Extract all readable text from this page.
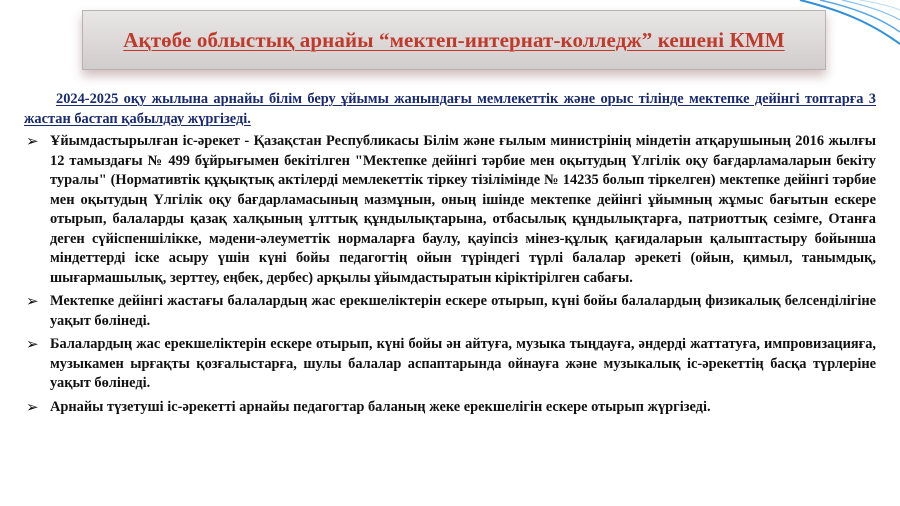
Ақтөбе облыстық арнайы “мектеп-интернат-колледж” кешені КММ

2024-2025 оқу жылына арнайы білім беру ұйымы жанындағы мемлекеттік және орыс тілінде мектепке дейінгі топтарға 3 жастан бастап қабылдау жүргізеді.

➢ Ұйымдастырылған іс-әрекет - Қазақстан Республикасы Білім және ғылым министрінің міндетін атқарушының 2016 жылғы 12 тамыздағы № 499 бұйрығымен бекітілген "Мектепке дейінгі тәрбие мен оқытудың Үлгілік оқу бағдарламаларын бекіту туралы" (Нормативтік құқықтық актілерді мемлекеттік тіркеу тізілімінде № 14235 болып тіркелген) мектепке дейінгі тәрбие мен оқытудың Үлгілік оқу бағдарламасының мазмұнын, оның ішінде мектепке дейінгі ұйымның жұмыс бағытын ескере отырып, балаларды қазақ халқының ұлттық құндылықтарына, отбасылық құндылықтарға, патриоттық сезімге, Отанға деген сүйіспеншілікке, мәдени-әлеуметтік нормаларға баулу, қауіпсіз мінез-құлық қағидаларын қалыптастыру бойынша міндеттерді іске асыру үшін күні бойы педагогтің ойын түріндегі түрлі балалар әрекеті (ойын, қимыл, танымдық, шығармашылық, зерттеу, еңбек, дербес) арқылы ұйымдастыратын кіріктірілген сабағы.
➢ Мектепке дейінгі жастағы балалардың жас ерекшеліктерін ескере отырып, күні бойы балалардың физикалық белсенділігіне уақыт бөлінеді.
➢ Балалардың жас ерекшеліктерін ескере отырып, күні бойы ән айтуға, музыка тыңдауға, әндерді жаттатуға, импровизацияға, музыкамен ырғақты қозғалыстарға, шулы балалар аспаптарында ойнауға және музыкалық іс-әрекеттің басқа түрлеріне уақыт бөлінеді.
➢ Арнайы түзетуші іс-әрекетті арнайы педагогтар баланың жеке ерекшелігін ескере отырып жүргізеді.
